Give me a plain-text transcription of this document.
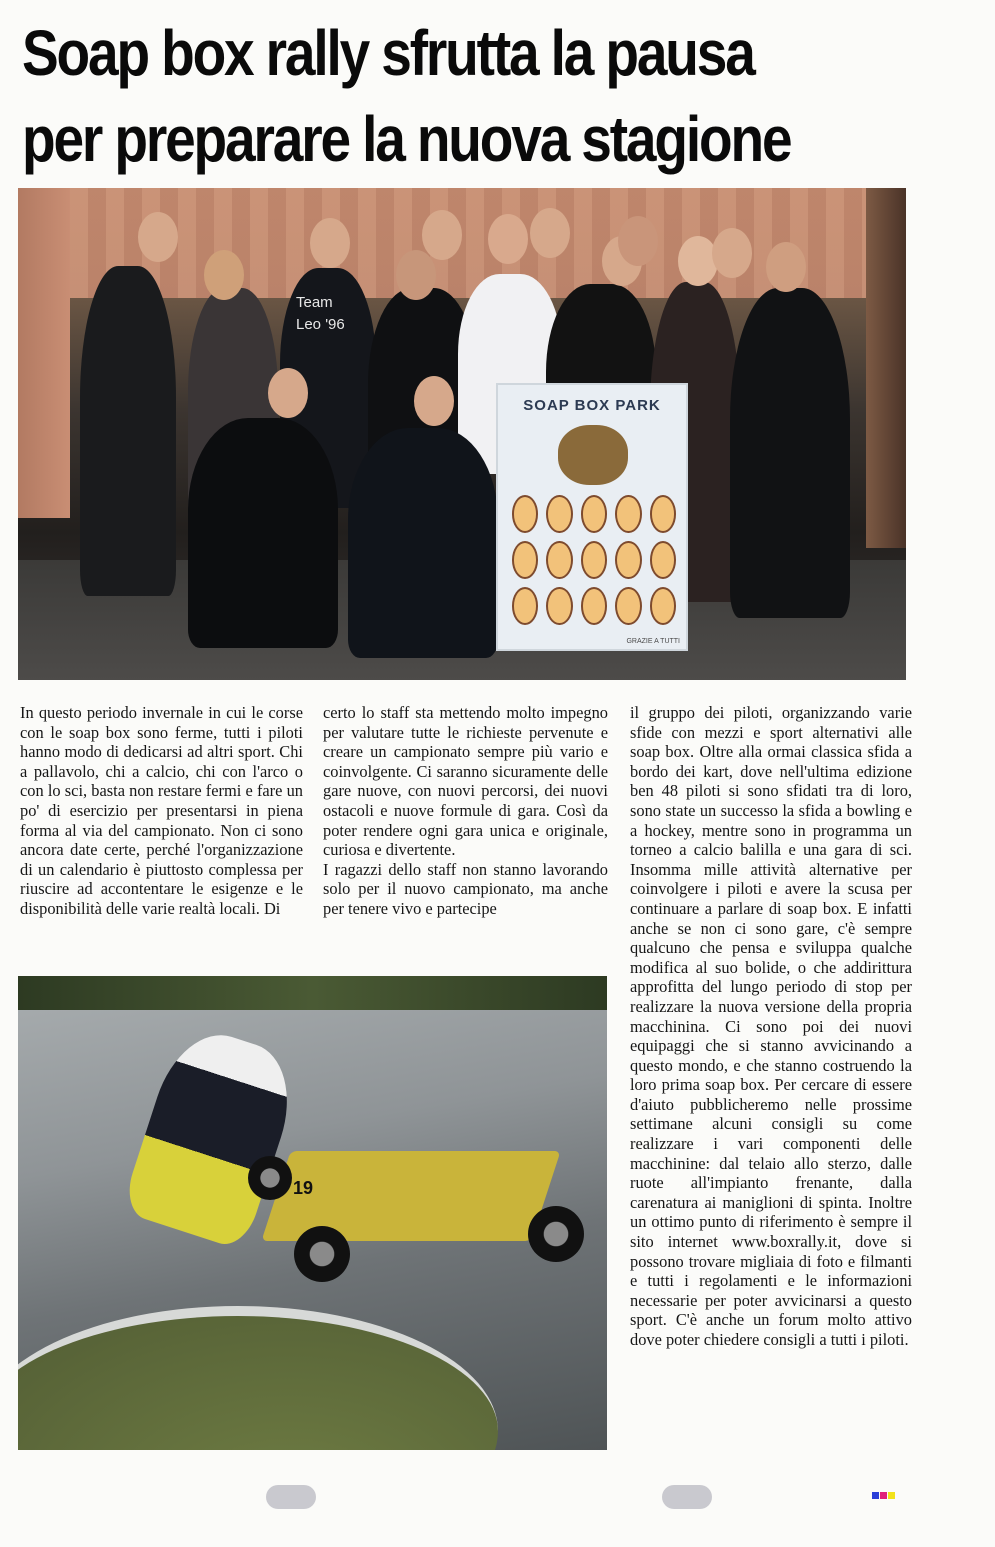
Soap box rally sfrutta la pausa
per preparare la nuova stagione
Team
Leo '96
SOAP BOX PARK
GRAZIE A TUTTI

In questo periodo invernale in cui le corse con le soap box sono ferme, tutti i piloti hanno modo di dedicarsi ad altri sport. Chi a pallavolo, chi a calcio, chi con l'arco o con lo sci, basta non restare fermi e fare un po' di esercizio per presentarsi in piena forma al via del campionato. Non ci sono ancora date certe, perché l'organizzazione di un calendario è piuttosto complessa per riuscire ad accontentare le esigenze e le disponibilità delle varie realtà locali. Di

certo lo staff sta mettendo molto impegno per valutare tutte le richieste pervenute e creare un campionato sempre più vario e coinvolgente. Ci saranno sicuramente delle gare nuove, con nuovi percorsi, dei nuovi ostacoli e nuove formule di gara. Così da poter rendere ogni gara unica e originale, curiosa e divertente.

I ragazzi dello staff non stanno lavorando solo per il nuovo campionato, ma anche per tenere vivo e partecipe

il gruppo dei piloti, organizzando varie sfide con mezzi e sport alternativi alle soap box. Oltre alla ormai classica sfida a bordo dei kart, dove nell'ultima edizione ben 48 piloti si sono sfidati tra di loro, sono state un successo la sfida a bowling e a hockey, mentre sono in programma un torneo a calcio balilla e una gara di sci. Insomma mille attività alternative per coinvolgere i piloti e avere la scusa per continuare a parlare di soap box. E infatti anche se non ci sono gare, c'è sempre qualcuno che pensa e sviluppa qualche modifica al suo bolide, o che addirittura approfitta del lungo periodo di stop per realizzare la nuova versione della propria macchinina. Ci sono poi dei nuovi equipaggi che si stanno avvicinando a questo mondo, e che stanno costruendo la loro prima soap box. Per cercare di essere d'aiuto pubblicheremo nelle prossime settimane alcuni consigli su come realizzare i vari componenti delle macchinine: dal telaio allo sterzo, dalle ruote all'impianto frenante, dalla carenatura ai maniglioni di spinta. Inoltre un ottimo punto di riferimento è sempre il sito internet www.boxrally.it, dove si possono trovare migliaia di foto e filmanti e tutti i regolamenti e le informazioni necessarie per poter avvicinarsi a questo sport. C'è anche un forum molto attivo dove poter chiedere consigli a tutti i piloti.

19
